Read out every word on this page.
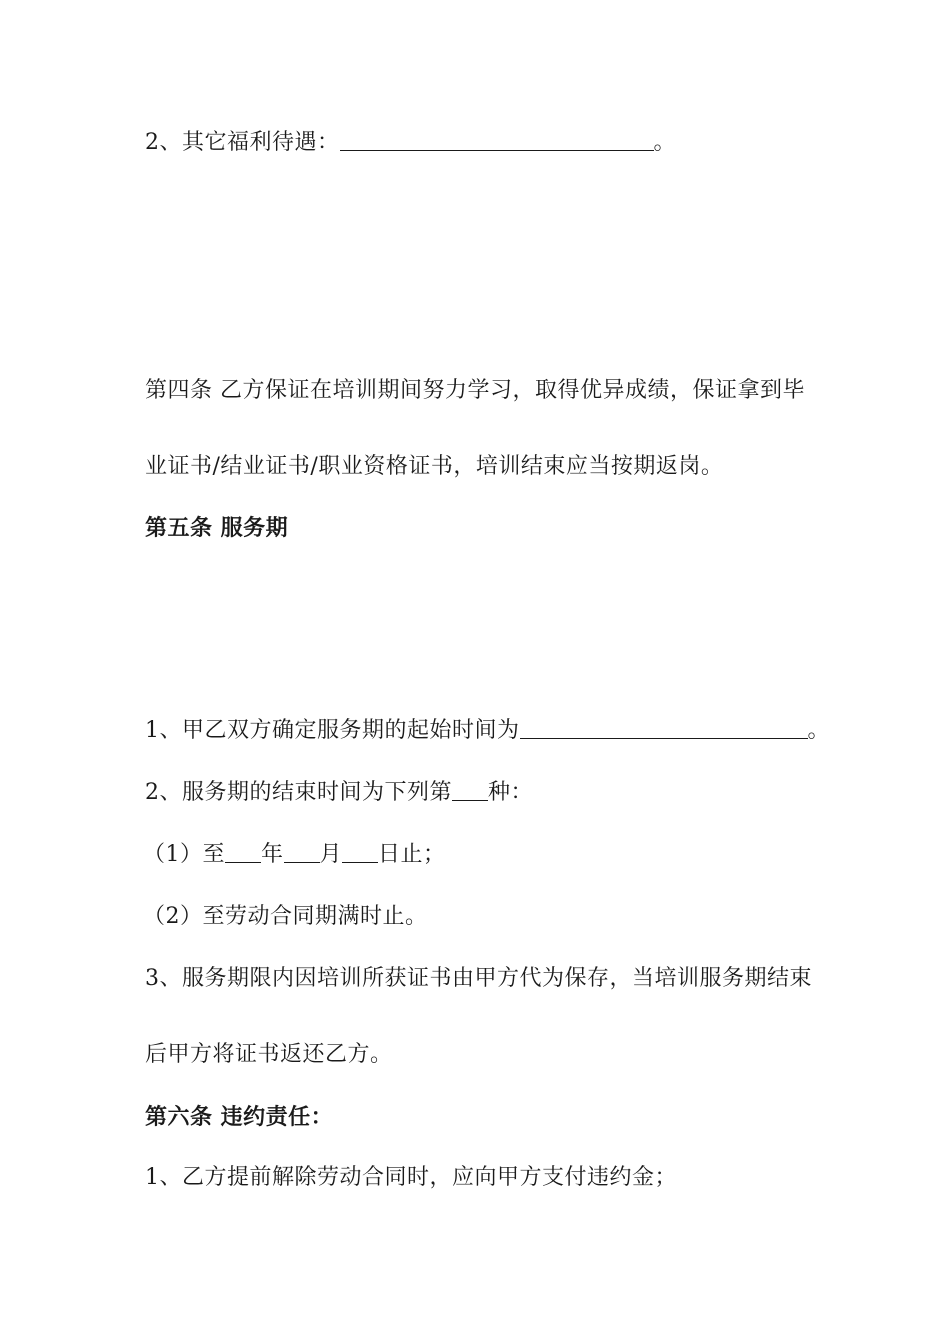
2、其它福利待遇：	。
第四条 乙方保证在培训期间努力学习，取得优异成绩，保证拿到毕
业证书/结业证书/职业资格证书，培训结束应当按期返岗。
第五条 服务期
1、甲乙双方确定服务期的起始时间为	。
2、服务期的结束时间为下列第 种：
（1）至 年 月 日止；
（2）至劳动合同期满时止。
3、服务期限内因培训所获证书由甲方代为保存，当培训服务期结束
后甲方将证书返还乙方。
第六条 违约责任：
1、乙方提前解除劳动合同时，应向甲方支付违约金；
